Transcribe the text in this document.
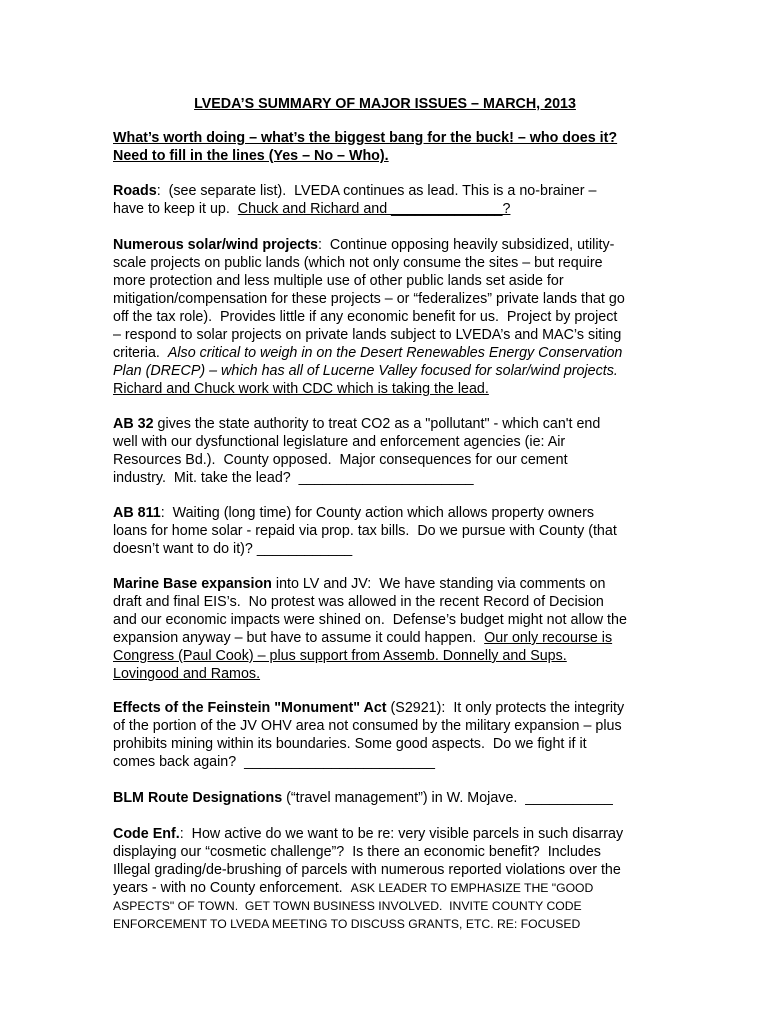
LVEDA’S SUMMARY OF MAJOR ISSUES – MARCH, 2013
What’s worth doing – what’s the biggest bang for the buck! – who does it?
Need to fill in the lines (Yes – No – Who).
Roads:  (see separate list).  LVEDA continues as lead. This is a no-brainer –
have to keep it up.  Chuck and Richard and ______________?
Numerous solar/wind projects:  Continue opposing heavily subsidized, utility-
scale projects on public lands (which not only consume the sites – but require
more protection and less multiple use of other public lands set aside for
mitigation/compensation for these projects – or “federalizes” private lands that go
off the tax role).  Provides little if any economic benefit for us.  Project by project
– respond to solar projects on private lands subject to LVEDA’s and MAC’s siting
criteria.  Also critical to weigh in on the Desert Renewables Energy Conservation
Plan (DRECP) – which has all of Lucerne Valley focused for solar/wind projects.
Richard and Chuck work with CDC which is taking the lead.
AB 32 gives the state authority to treat CO2 as a "pollutant" - which can't end
well with our dysfunctional legislature and enforcement agencies (ie: Air
Resources Bd.).  County opposed.  Major consequences for our cement
industry.  Mit. take the lead?  ______________________
AB 811:  Waiting (long time) for County action which allows property owners
loans for home solar - repaid via prop. tax bills.  Do we pursue with County (that
doesn’t want to do it)? ____________
Marine Base expansion into LV and JV:  We have standing via comments on
draft and final EIS’s.  No protest was allowed in the recent Record of Decision
and our economic impacts were shined on.  Defense’s budget might not allow the
expansion anyway – but have to assume it could happen.  Our only recourse is
Congress (Paul Cook) – plus support from Assemb. Donnelly and Sups.
Lovingood and Ramos.
Effects of the Feinstein "Monument" Act (S2921):  It only protects the integrity
of the portion of the JV OHV area not consumed by the military expansion – plus
prohibits mining within its boundaries. Some good aspects.  Do we fight if it
comes back again?  ________________________
BLM Route Designations (“travel management”) in W. Mojave.  ___________
Code Enf.:  How active do we want to be re: very visible parcels in such disarray
displaying our “cosmetic challenge”?  Is there an economic benefit?  Includes
Illegal grading/de-brushing of parcels with numerous reported violations over the
years - with no County enforcement.  ASK LEADER TO EMPHASIZE THE "GOOD
ASPECTS" OF TOWN.  GET TOWN BUSINESS INVOLVED.  INVITE COUNTY CODE
ENFORCEMENT TO LVEDA MEETING TO DISCUSS GRANTS, ETC. RE: FOCUSED
